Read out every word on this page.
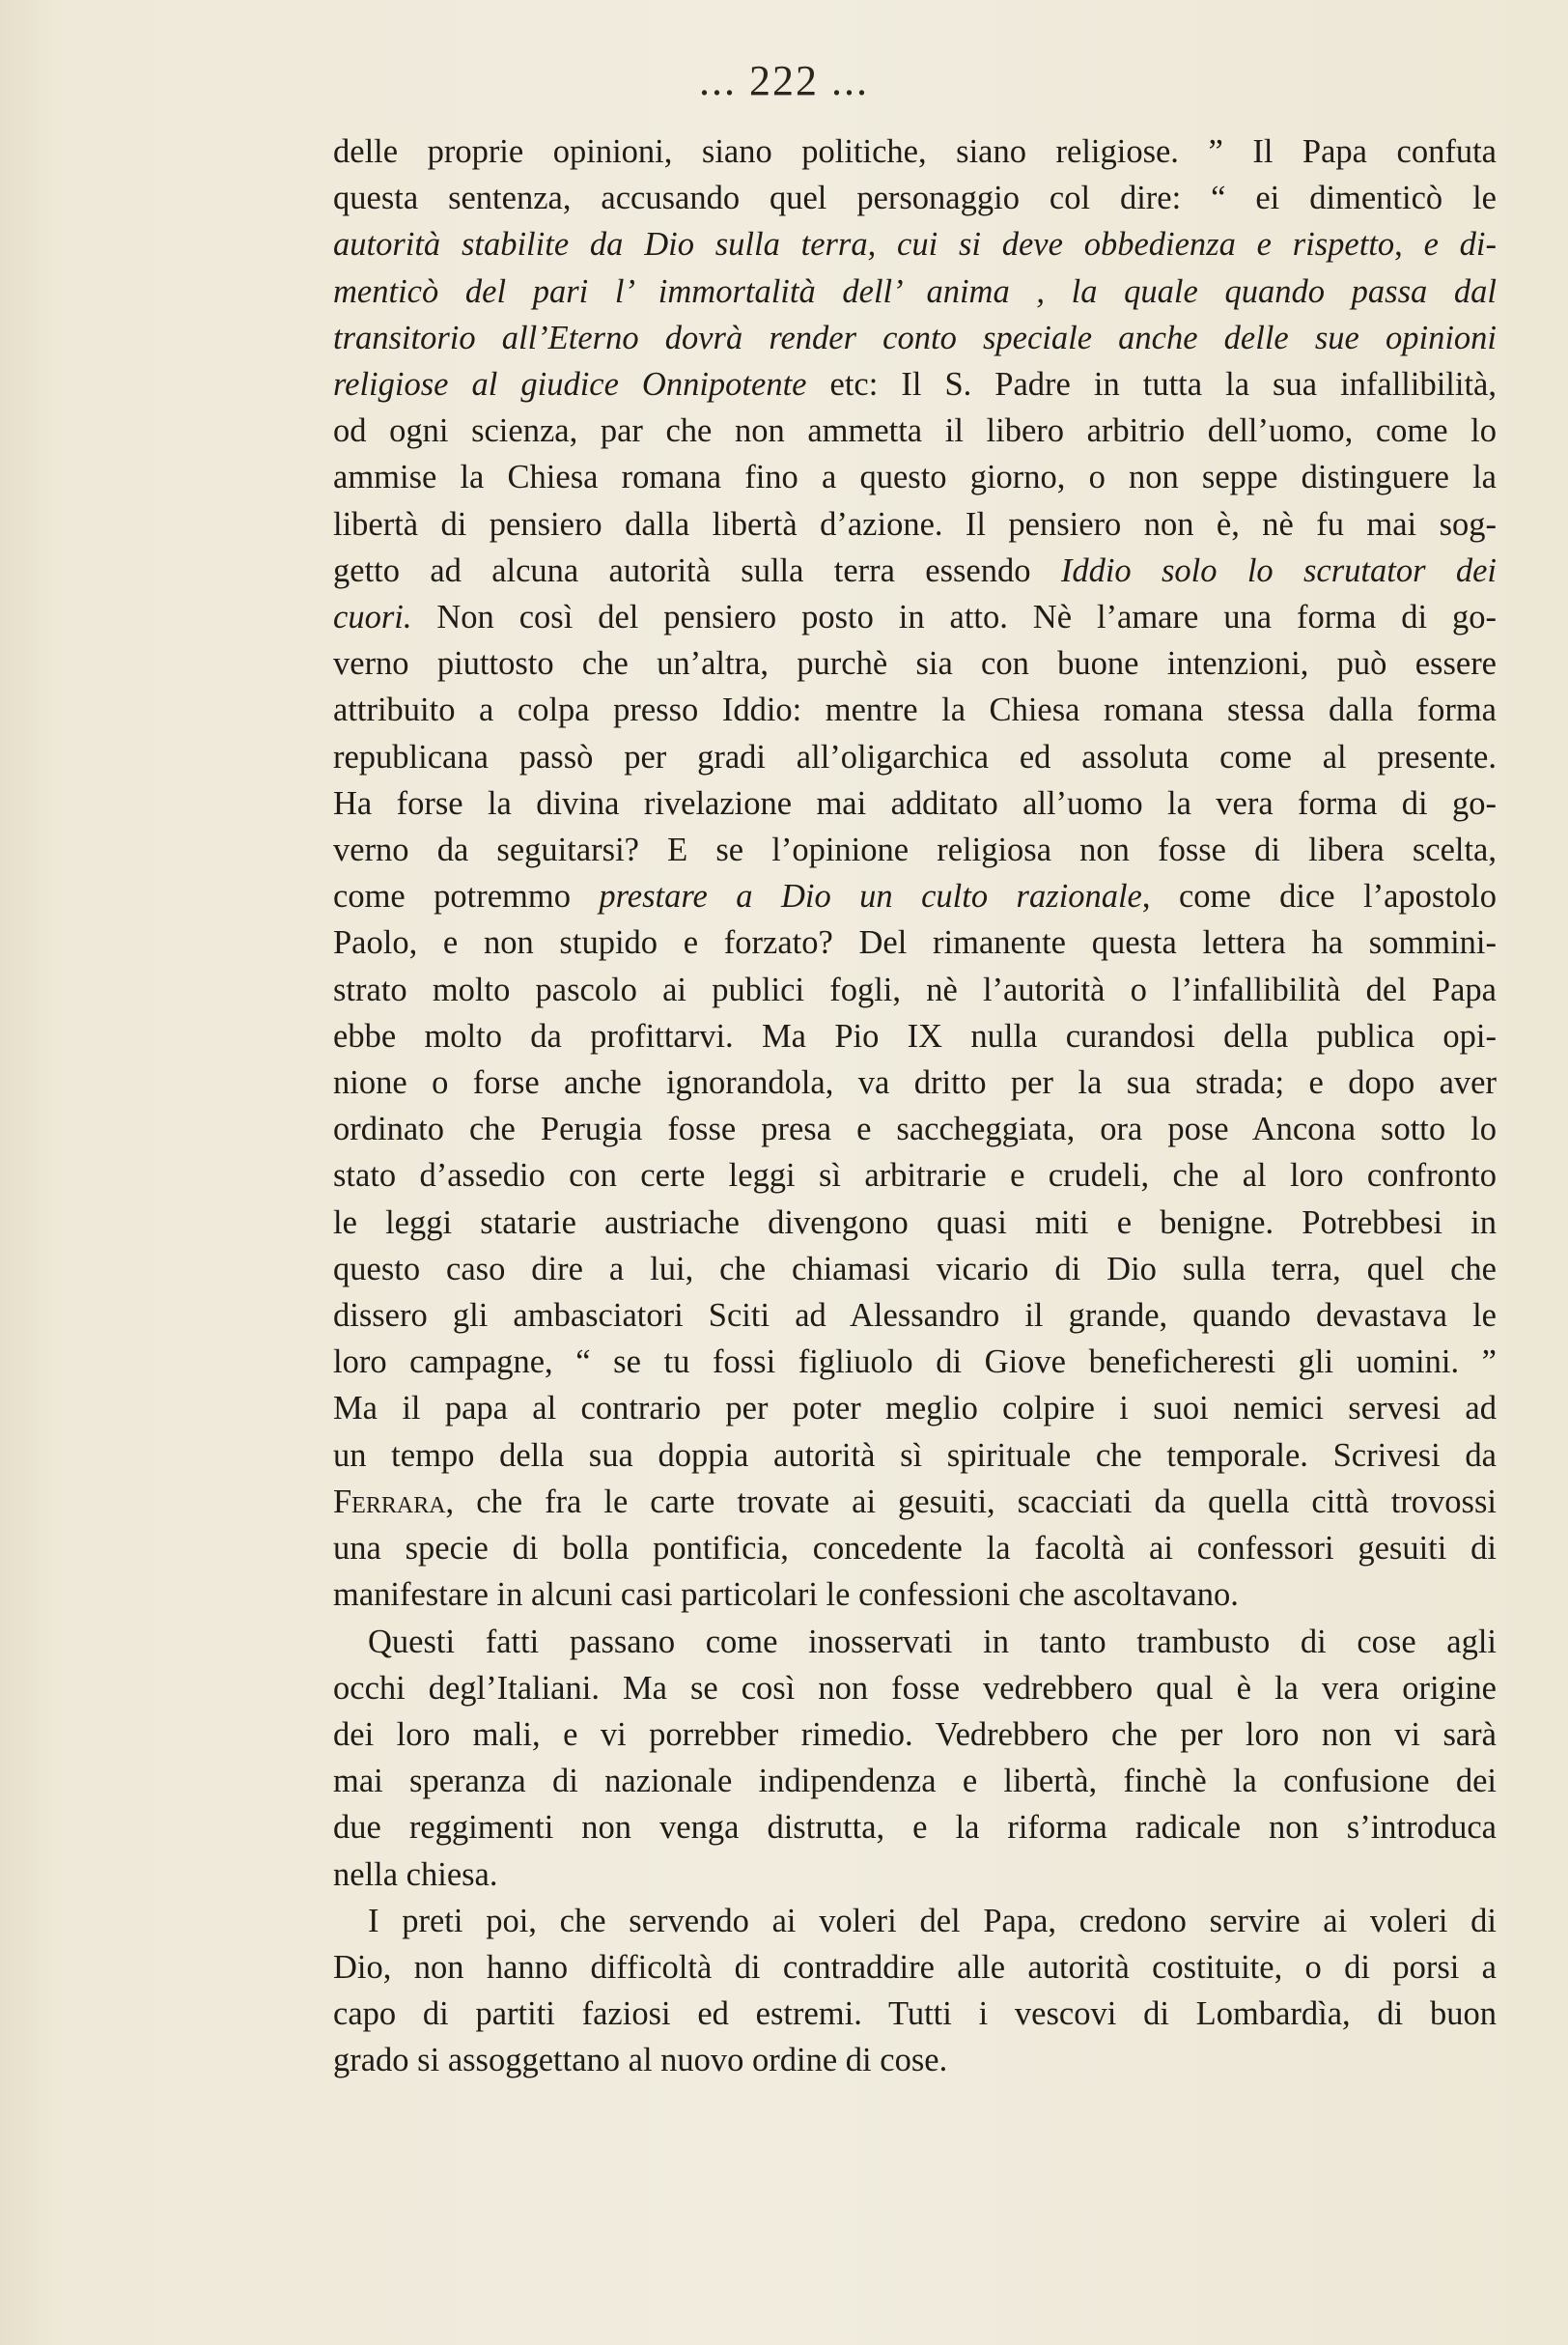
... 222 ...

delle proprie opinioni, siano politiche, siano religiose. ” Il Papa confuta

questa sentenza, accusando quel personaggio col dire: “ ei dimenticò le

autorità stabilite da Dio sulla terra, cui si deve obbedienza e rispetto, e di-

menticò del pari l’ immortalità dell’ anima , la quale quando passa dal

transitorio all’Eterno dovrà render conto speciale anche delle sue opinioni

religiose al giudice Onnipotente etc: Il S. Padre in tutta la sua infallibilità,

od ogni scienza, par che non ammetta il libero arbitrio dell’uomo, come lo

ammise la Chiesa romana fino a questo giorno, o non seppe distinguere la

libertà di pensiero dalla libertà d’azione. Il pensiero non è, nè fu mai sog-

getto ad alcuna autorità sulla terra essendo Iddio solo lo scrutator dei

cuori. Non così del pensiero posto in atto. Nè l’amare una forma di go-

verno piuttosto che un’altra, purchè sia con buone intenzioni, può essere

attribuito a colpa presso Iddio: mentre la Chiesa romana stessa dalla forma

republicana passò per gradi all’oligarchica ed assoluta come al presente.

Ha forse la divina rivelazione mai additato all’uomo la vera forma di go-

verno da seguitarsi? E se l’opinione religiosa non fosse di libera scelta,

come potremmo prestare a Dio un culto razionale, come dice l’apostolo

Paolo, e non stupido e forzato? Del rimanente questa lettera ha sommini-

strato molto pascolo ai publici fogli, nè l’autorità o l’infallibilità del Papa

ebbe molto da profittarvi. Ma Pio IX nulla curandosi della publica opi-

nione o forse anche ignorandola, va dritto per la sua strada; e dopo aver

ordinato che Perugia fosse presa e saccheggiata, ora pose Ancona sotto lo

stato d’assedio con certe leggi sì arbitrarie e crudeli, che al loro confronto

le leggi statarie austriache divengono quasi miti e benigne. Potrebbesi in

questo caso dire a lui, che chiamasi vicario di Dio sulla terra, quel che

dissero gli ambasciatori Sciti ad Alessandro il grande, quando devastava le

loro campagne, “ se tu fossi figliuolo di Giove beneficheresti gli uomini. ”

Ma il papa al contrario per poter meglio colpire i suoi nemici servesi ad

un tempo della sua doppia autorità sì spirituale che temporale. Scrivesi da

Ferrara, che fra le carte trovate ai gesuiti, scacciati da quella città trovossi

una specie di bolla pontificia, concedente la facoltà ai confessori gesuiti di

manifestare in alcuni casi particolari le confessioni che ascoltavano.

Questi fatti passano come inosservati in tanto trambusto di cose agli

occhi degl’Italiani. Ma se così non fosse vedrebbero qual è la vera origine

dei loro mali, e vi porrebber rimedio. Vedrebbero che per loro non vi sarà

mai speranza di nazionale indipendenza e libertà, finchè la confusione dei

due reggimenti non venga distrutta, e la riforma radicale non s’introduca

nella chiesa.

I preti poi, che servendo ai voleri del Papa, credono servire ai voleri di

Dio, non hanno difficoltà di contraddire alle autorità costituite, o di porsi a

capo di partiti faziosi ed estremi. Tutti i vescovi di Lombardìa, di buon

grado si assoggettano al nuovo ordine di cose.
